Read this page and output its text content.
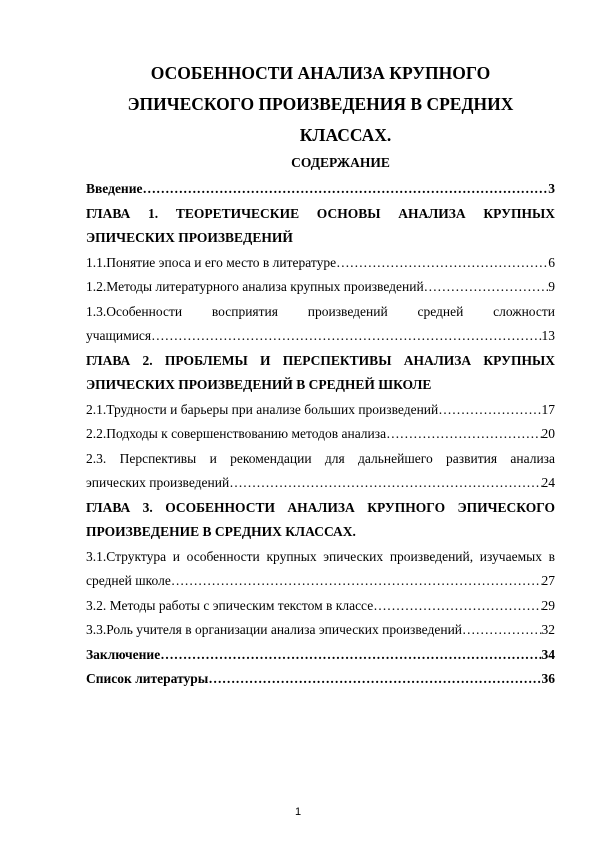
ОСОБЕННОСТИ АНАЛИЗА КРУПНОГО
ЭПИЧЕСКОГО ПРОИЗВЕДЕНИЯ В СРЕДНИХ

КЛАССАХ.
СОДЕРЖАНИЕ
Введение ……………………………………………………………………………………………………………………………	3
ГЛАВА 1. ТЕОРЕТИЧЕСКИЕ ОСНОВЫ АНАЛИЗА КРУПНЫХ
ЭПИЧЕСКИХ ПРОИЗВЕДЕНИЙ
1.1.Понятие эпоса и его место в литературе ……………………………………………………………………………………………………………………………	6
1.2.Методы литературного анализа крупных произведений ……………………………………………………………………………………………………………………………	9
1.3.Особенности восприятия произведений средней сложности
учащимися ……………………………………………………………………………………………………………………………	13
ГЛАВА 2. ПРОБЛЕМЫ И ПЕРСПЕКТИВЫ АНАЛИЗА КРУПНЫХ
ЭПИЧЕСКИХ ПРОИЗВЕДЕНИЙ В СРЕДНЕЙ ШКОЛЕ
2.1.Трудности и барьеры при анализе больших произведений ……………………………………………………………………………………………………………………………	17
2.2.Подходы к совершенствованию методов анализа ……………………………………………………………………………………………………………………………	20
2.3. Перспективы и рекомендации для дальнейшего развития анализа
эпических произведений ……………………………………………………………………………………………………………………………	24
ГЛАВА 3. ОСОБЕННОСТИ АНАЛИЗА КРУПНОГО ЭПИЧЕСКОГО
ПРОИЗВЕДЕНИЕ В СРЕДНИХ КЛАССАХ.
3.1.Структура и особенности крупных эпических произведений, изучаемых в
средней школе ……………………………………………………………………………………………………………………………	27
3.2. Методы работы с эпическим текстом в классе ……………………………………………………………………………………………………………………………	29
3.3.Роль учителя в организации анализа эпических произведений ……………………………………………………………………………………………………………………………	32
Заключение ……………………………………………………………………………………………………………………………	34
Список литературы ……………………………………………………………………………………………………………………………	36
1
